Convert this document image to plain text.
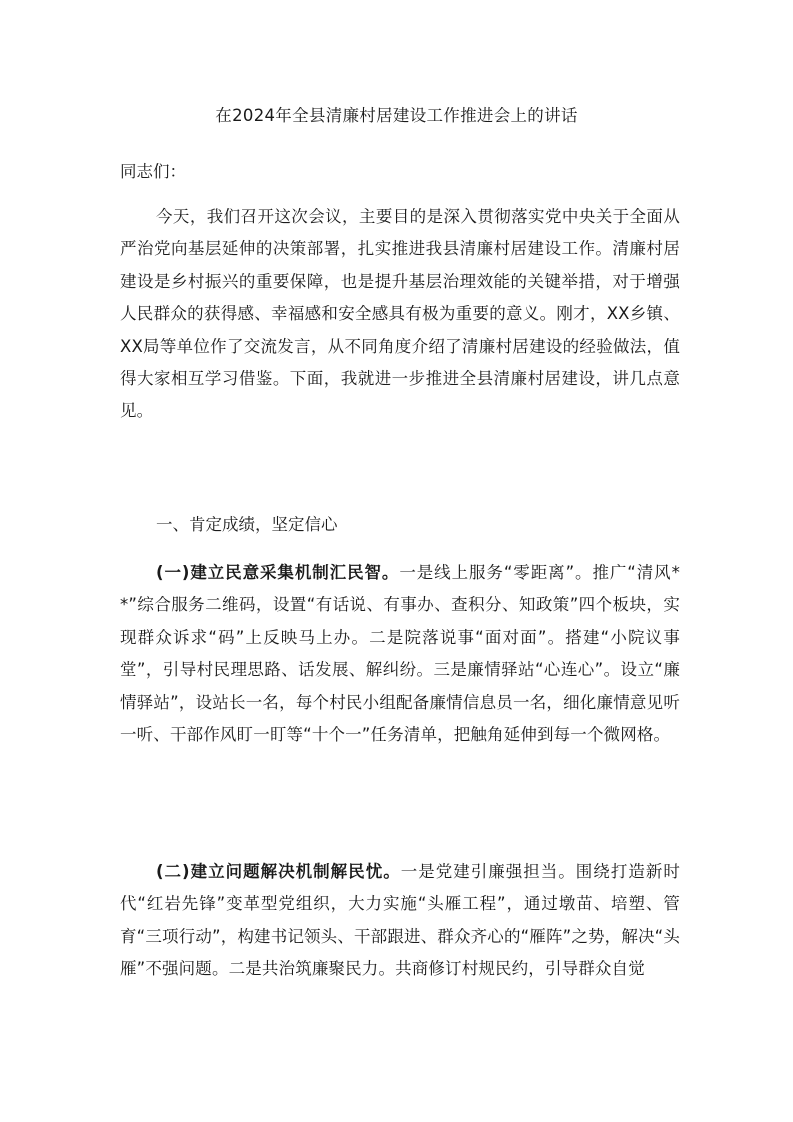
在2024年全县清廉村居建设工作推进会上的讲话

同志们：

今天，我们召开这次会议，主要目的是深入贯彻落实党中央关于全面从严治党向基层延伸的决策部署，扎实推进我县清廉村居建设工作。清廉村居建设是乡村振兴的重要保障，也是提升基层治理效能的关键举措，对于增强人民群众的获得感、幸福感和安全感具有极为重要的意义。刚才，XX乡镇、XX局等单位作了交流发言，从不同角度介绍了清廉村居建设的经验做法，值得大家相互学习借鉴。下面，我就进一步推进全县清廉村居建设，讲几点意见。

一、肯定成绩，坚定信心

(一)建立民意采集机制汇民智。一是线上服务“零距离”。推广“清风**”综合服务二维码，设置“有话说、有事办、查积分、知政策”四个板块，实现群众诉求“码”上反映马上办。二是院落说事“面对面”。搭建“小院议事堂”，引导村民理思路、话发展、解纠纷。三是廉情驿站“心连心”。设立“廉情驿站”，设站长一名，每个村民小组配备廉情信息员一名，细化廉情意见听一听、干部作风盯一盯等“十个一”任务清单，把触角延伸到每一个微网格。

(二)建立问题解决机制解民忧。一是党建引廉强担当。围绕打造新时代“红岩先锋”变革型党组织，大力实施“头雁工程”，通过墩苗、培塑、管育“三项行动”，构建书记领头、干部跟进、群众齐心的“雁阵”之势，解决“头雁”不强问题。二是共治筑廉聚民力。共商修订村规民约，引导群众自觉
